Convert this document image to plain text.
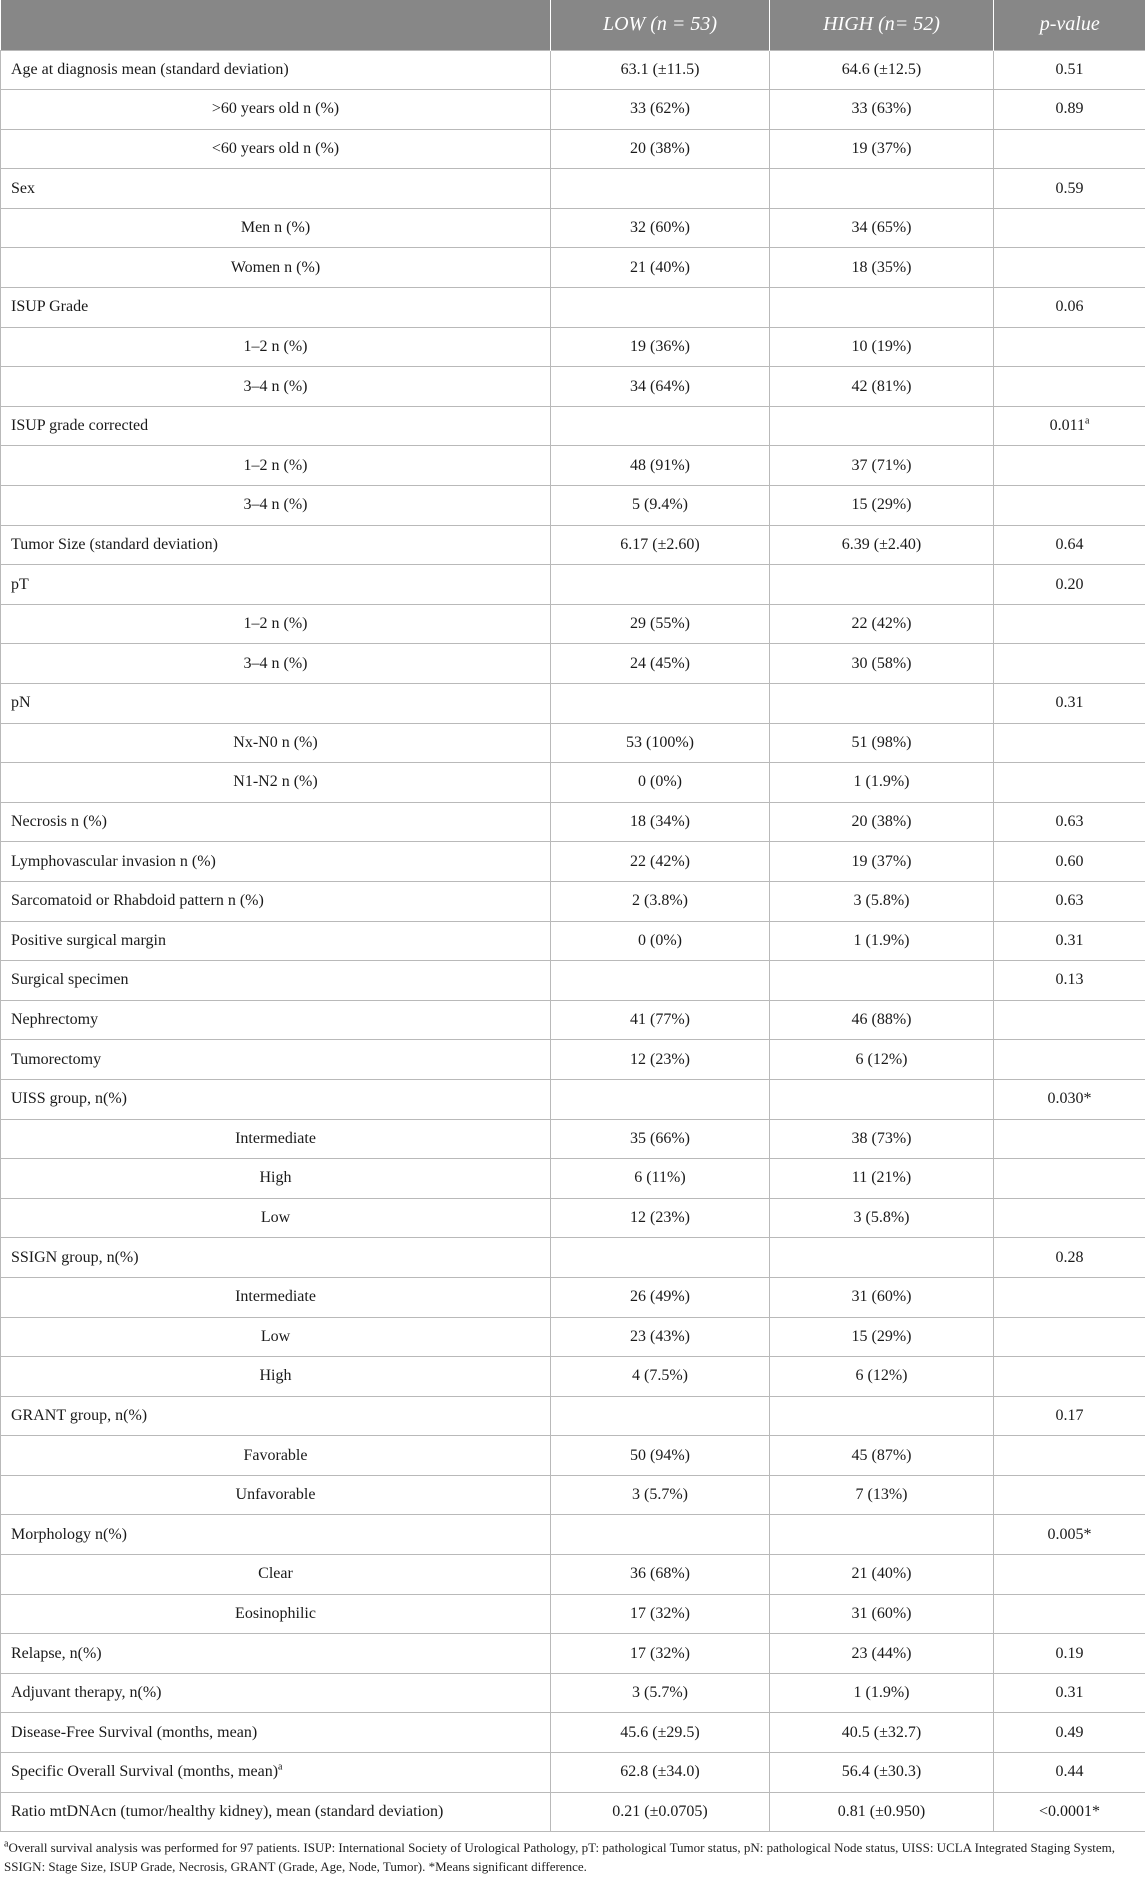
	LOW (n = 53)	HIGH (n= 52)	p-value
Age at diagnosis mean (standard deviation)	63.1 (±11.5)	64.6 (±12.5)	0.51
>60 years old n (%)	33 (62%)	33 (63%)	0.89
<60 years old n (%)	20 (38%)	19 (37%)	
Sex			0.59
Men n (%)	32 (60%)	34 (65%)	
Women n (%)	21 (40%)	18 (35%)	
ISUP Grade			0.06
1–2 n (%)	19 (36%)	10 (19%)	
3–4 n (%)	34 (64%)	42 (81%)	
ISUP grade corrected			0.011$^a$
1–2 n (%)	48 (91%)	37 (71%)	
3–4 n (%)	5 (9.4%)	15 (29%)	
Tumor Size (standard deviation)	6.17 (±2.60)	6.39 (±2.40)	0.64
pT			0.20
1–2 n (%)	29 (55%)	22 (42%)	
3–4 n (%)	24 (45%)	30 (58%)	
pN			0.31
Nx-N0 n (%)	53 (100%)	51 (98%)	
N1-N2 n (%)	0 (0%)	1 (1.9%)	
Necrosis n (%)	18 (34%)	20 (38%)	0.63
Lymphovascular invasion n (%)	22 (42%)	19 (37%)	0.60
Sarcomatoid or Rhabdoid pattern n (%)	2 (3.8%)	3 (5.8%)	0.63
Positive surgical margin	0 (0%)	1 (1.9%)	0.31
Surgical specimen			0.13
Nephrectomy	41 (77%)	46 (88%)	
Tumorectomy	12 (23%)	6 (12%)	
UISS group, n(%)			0.030*
Intermediate	35 (66%)	38 (73%)	
High	6 (11%)	11 (21%)	
Low	12 (23%)	3 (5.8%)	
SSIGN group, n(%)			0.28
Intermediate	26 (49%)	31 (60%)	
Low	23 (43%)	15 (29%)	
High	4 (7.5%)	6 (12%)	
GRANT group, n(%)			0.17
Favorable	50 (94%)	45 (87%)	
Unfavorable	3 (5.7%)	7 (13%)	
Morphology n(%)			0.005*
Clear	36 (68%)	21 (40%)	
Eosinophilic	17 (32%)	31 (60%)	
Relapse, n(%)	17 (32%)	23 (44%)	0.19
Adjuvant therapy, n(%)	3 (5.7%)	1 (1.9%)	0.31
Disease-Free Survival (months, mean)	45.6 (±29.5)	40.5 (±32.7)	0.49
Specific Overall Survival (months, mean)$^a$	62.8 (±34.0)	56.4 (±30.3)	0.44
Ratio mtDNAcn (tumor/healthy kidney), mean (standard deviation)	0.21 (±0.0705)	0.81 (±0.950)	<0.0001*
$^a$Overall survival analysis was performed for 97 patients. ISUP: International Society of Urological Pathology, pT: pathological Tumor status, pN: pathological Node status, UISS: UCLA Integrated Staging System, SSIGN: Stage Size, ISUP Grade, Necrosis, GRANT (Grade, Age, Node, Tumor). *Means significant difference.
